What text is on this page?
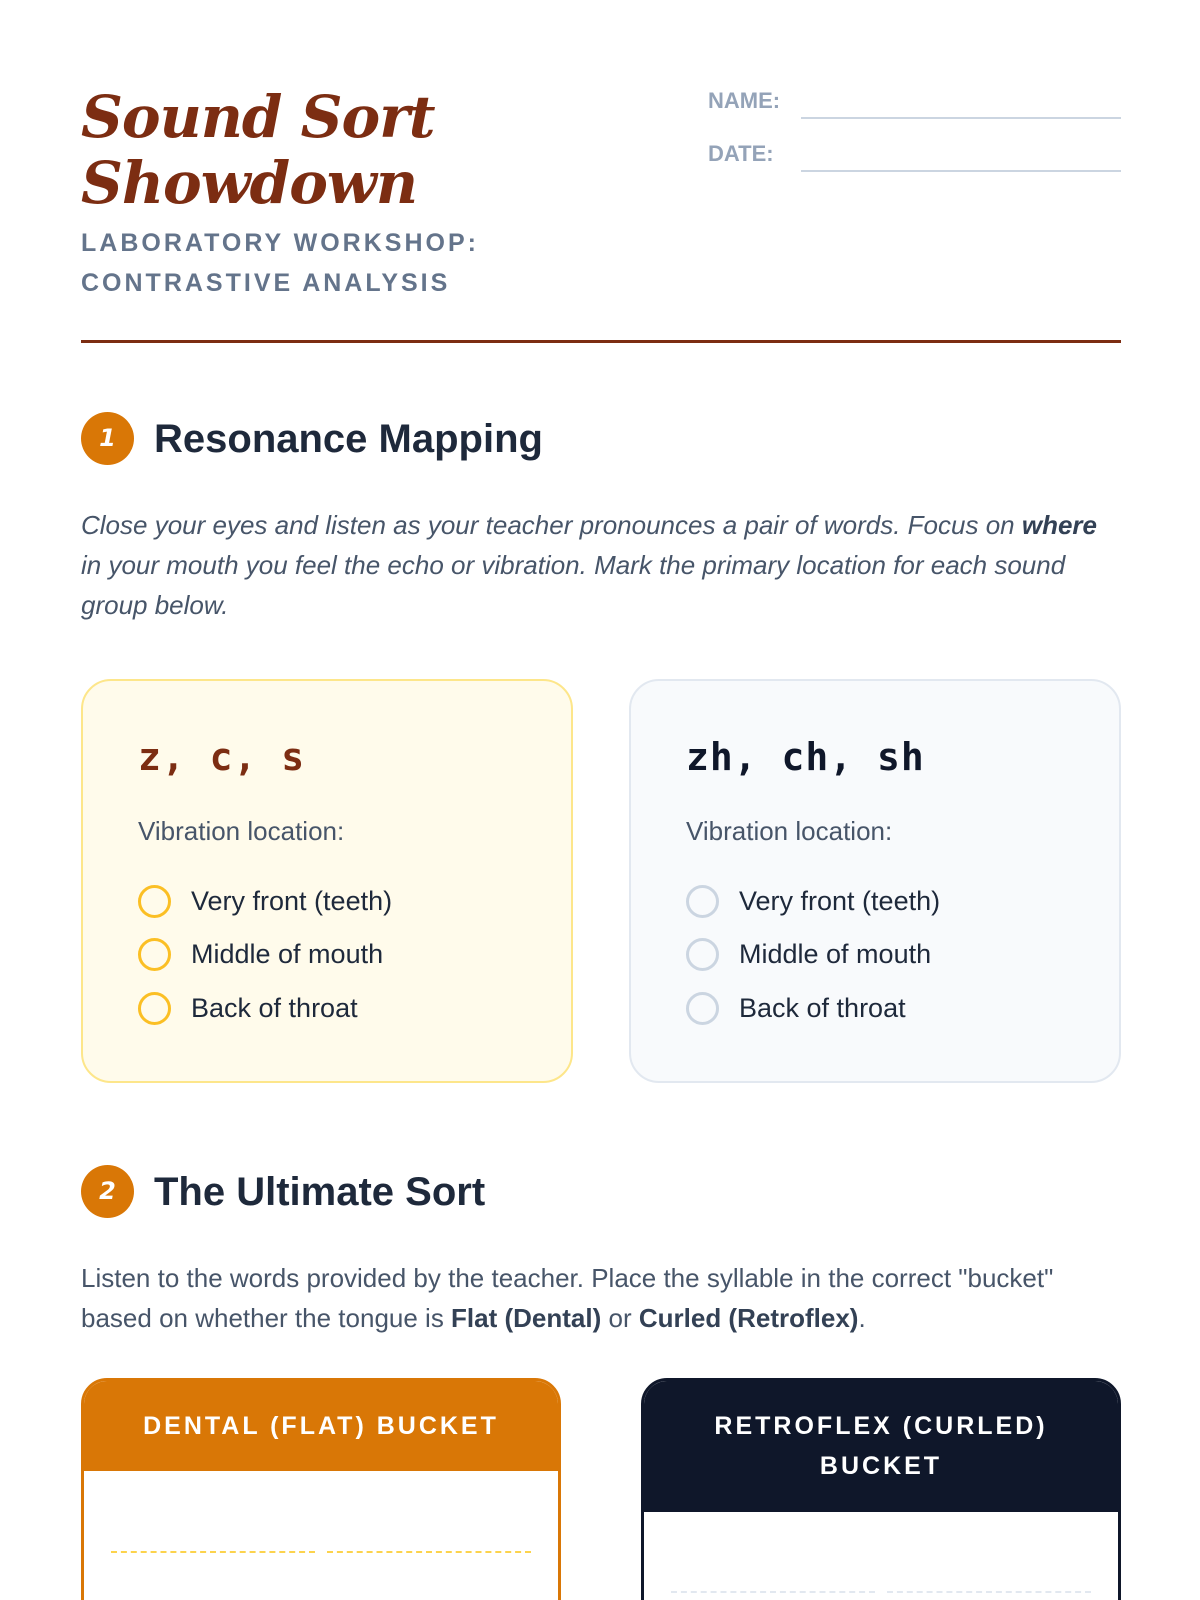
Sound Sort
Showdown
LABORATORY WORKSHOP:
CONTRASTIVE ANALYSIS
NAME:
DATE:
1 Resonance Mapping

Close your eyes and listen as your teacher pronounces a pair of words. Focus on where in your mouth you feel the echo or vibration. Mark the primary location for each sound group below.

z, c, s
Vibration location:
Very front (teeth)
Middle of mouth
Back of throat
zh, ch, sh
Vibration location:
Very front (teeth)
Middle of mouth
Back of throat
2 The Ultimate Sort

Listen to the words provided by the teacher. Place the syllable in the correct "bucket" based on whether the tongue is Flat (Dental) or Curled (Retroflex).

DENTAL (FLAT) BUCKET	RETROFLEX (CURLED)
BUCKET
